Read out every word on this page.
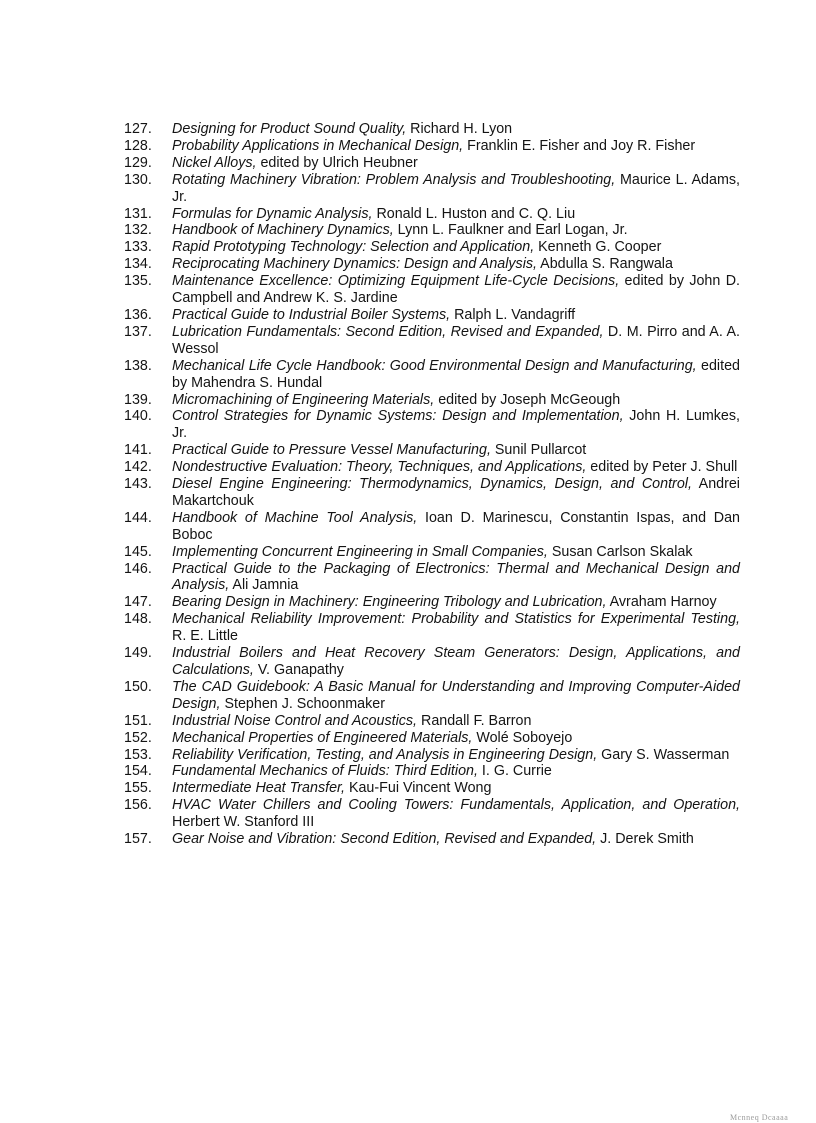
127.	Designing for Product Sound Quality, Richard H. Lyon
128.	Probability Applications in Mechanical Design, Franklin E. Fisher and Joy R. Fisher
129.	Nickel Alloys, edited by Ulrich Heubner
130.	Rotating Machinery Vibration: Problem Analysis and Troubleshooting, Maurice L. Adams, Jr.
131.	Formulas for Dynamic Analysis, Ronald L. Huston and C. Q. Liu
132.	Handbook of Machinery Dynamics, Lynn L. Faulkner and Earl Logan, Jr.
133.	Rapid Prototyping Technology: Selection and Application, Kenneth G. Cooper
134.	Reciprocating Machinery Dynamics: Design and Analysis, Abdulla S. Rangwala
135.	Maintenance Excellence: Optimizing Equipment Life-Cycle Decisions, edited by John D. Campbell and Andrew K. S. Jardine
136.	Practical Guide to Industrial Boiler Systems, Ralph L. Vandagriff
137.	Lubrication Fundamentals: Second Edition, Revised and Expanded, D. M. Pirro and A. A. Wessol
138.	Mechanical Life Cycle Handbook: Good Environmental Design and Manufacturing, edited by Mahendra S. Hundal
139.	Micromachining of Engineering Materials, edited by Joseph McGeough
140.	Control Strategies for Dynamic Systems: Design and Implementation, John H. Lumkes, Jr.
141.	Practical Guide to Pressure Vessel Manufacturing, Sunil Pullarcot
142.	Nondestructive Evaluation: Theory, Techniques, and Applications, edited by Peter J. Shull
143.	Diesel Engine Engineering: Thermodynamics, Dynamics, Design, and Control, Andrei Makartchouk
144.	Handbook of Machine Tool Analysis, Ioan D. Marinescu, Constantin Ispas, and Dan Boboc
145.	Implementing Concurrent Engineering in Small Companies, Susan Carlson Skalak
146.	Practical Guide to the Packaging of Electronics: Thermal and Mechanical Design and Analysis, Ali Jamnia
147.	Bearing Design in Machinery: Engineering Tribology and Lubrication, Avraham Harnoy
148.	Mechanical Reliability Improvement: Probability and Statistics for Experimental Testing, R. E. Little
149.	Industrial Boilers and Heat Recovery Steam Generators: Design, Applications, and Calculations, V. Ganapathy
150.	The CAD Guidebook: A Basic Manual for Understanding and Improving Computer-Aided Design, Stephen J. Schoonmaker
151.	Industrial Noise Control and Acoustics, Randall F. Barron
152.	Mechanical Properties of Engineered Materials, Wolé Soboyejo
153.	Reliability Verification, Testing, and Analysis in Engineering Design, Gary S. Wasserman
154.	Fundamental Mechanics of Fluids: Third Edition, I. G. Currie
155.	Intermediate Heat Transfer, Kau-Fui Vincent Wong
156.	HVAC Water Chillers and Cooling Towers: Fundamentals, Application, and Operation, Herbert W. Stanford III
157.	Gear Noise and Vibration: Second Edition, Revised and Expanded, J. Derek Smith
Mcnneq Dcaaaa
